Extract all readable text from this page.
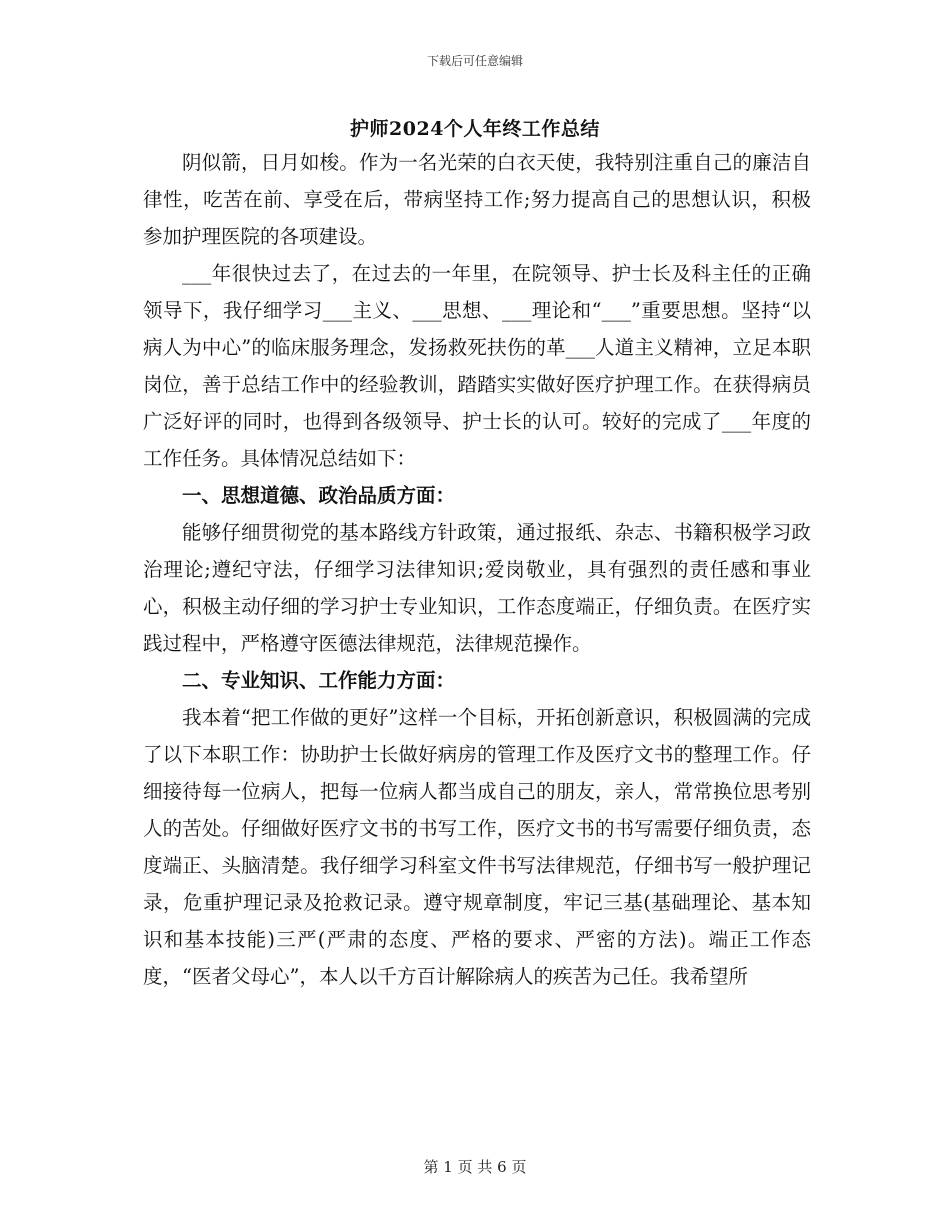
下载后可任意编辑
护师2024个人年终工作总结

阴似箭，日月如梭。作为一名光荣的白衣天使，我特别注重自己的廉洁自律性，吃苦在前、享受在后，带病坚持工作;努力提高自己的思想认识，积极参加护理医院的各项建设。

___年很快过去了，在过去的一年里，在院领导、护士长及科主任的正确领导下，我仔细学习___主义、___思想、___理论和“___”重要思想。坚持“以病人为中心”的临床服务理念，发扬救死扶伤的革___人道主义精神，立足本职岗位，善于总结工作中的经验教训，踏踏实实做好医疗护理工作。在获得病员广泛好评的同时，也得到各级领导、护士长的认可。较好的完成了___年度的工作任务。具体情况总结如下：

一、思想道德、政治品质方面：

能够仔细贯彻党的基本路线方针政策，通过报纸、杂志、书籍积极学习政治理论;遵纪守法，仔细学习法律知识;爱岗敬业，具有强烈的责任感和事业心，积极主动仔细的学习护士专业知识，工作态度端正，仔细负责。在医疗实践过程中，严格遵守医德法律规范，法律规范操作。

二、专业知识、工作能力方面：

我本着“把工作做的更好”这样一个目标，开拓创新意识，积极圆满的完成了以下本职工作：协助护士长做好病房的管理工作及医疗文书的整理工作。仔细接待每一位病人，把每一位病人都当成自己的朋友，亲人，常常换位思考别人的苦处。仔细做好医疗文书的书写工作，医疗文书的书写需要仔细负责，态度端正、头脑清楚。我仔细学习科室文件书写法律规范，仔细书写一般护理记录，危重护理记录及抢救记录。遵守规章制度，牢记三基(基础理论、基本知识和基本技能)三严(严肃的态度、严格的要求、严密的方法)。端正工作态度，“医者父母心”，本人以千方百计解除病人的疾苦为己任。我希望所

第 1 页 共 6 页
